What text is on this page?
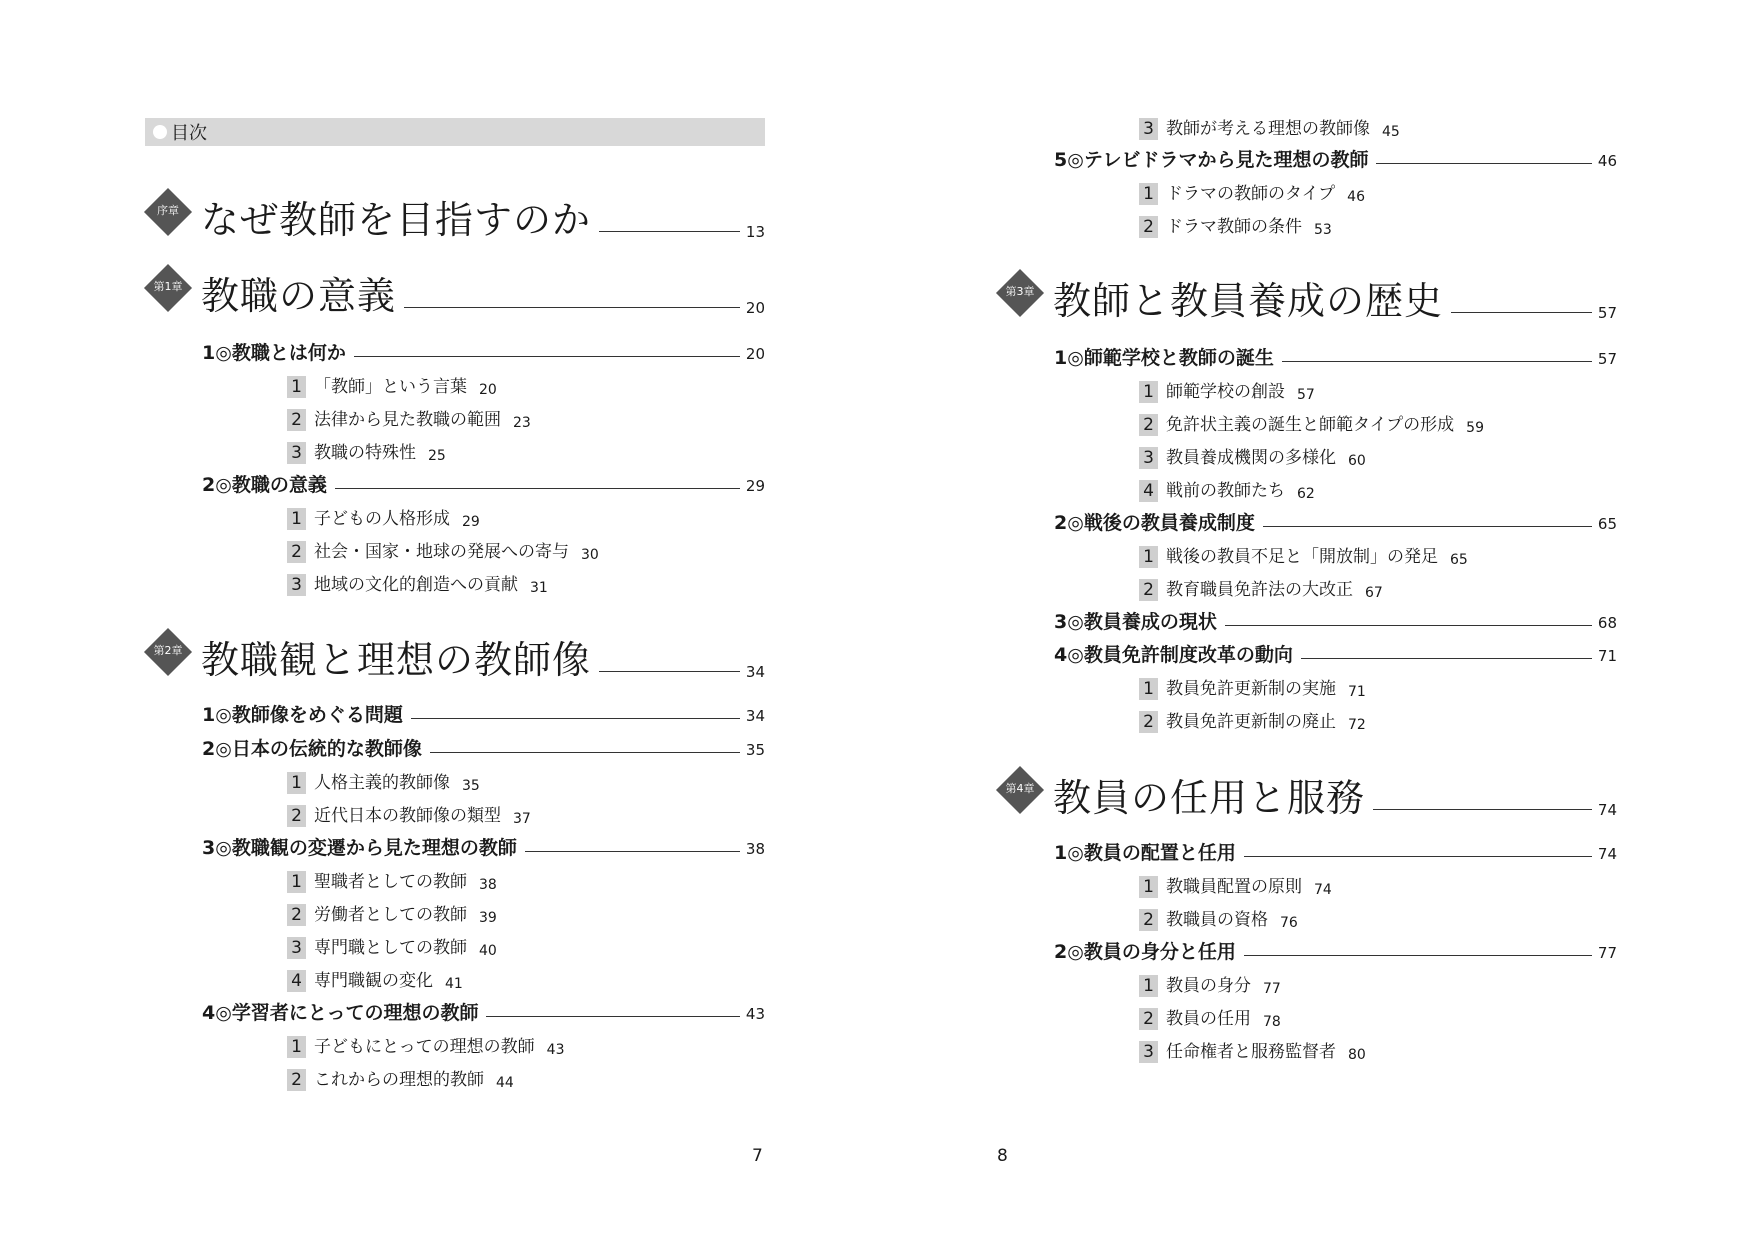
目次
序章 なぜ教師を目指すのか	13
第1章 教職の意義	20
1 ◎ 教職とは何か	20
1 「教師」という言葉 20
2 法律から見た教職の範囲 23
3 教職の特殊性 25
2 ◎ 教職の意義	29
1 子どもの人格形成 29
2 社会・国家・地球の発展への寄与 30
3 地域の文化的創造への貢献 31
第2章 教職観と理想の教師像	34
1 ◎ 教師像をめぐる問題	34
2 ◎ 日本の伝統的な教師像	35
1 人格主義的教師像 35
2 近代日本の教師像の類型 37
3 ◎ 教職観の変遷から見た理想の教師	38
1 聖職者としての教師 38
2 労働者としての教師 39
3 専門職としての教師 40
4 専門職観の変化 41
4 ◎ 学習者にとっての理想の教師	43
1 子どもにとっての理想の教師 43
2 これからの理想的教師 44
7
3 教師が考える理想の教師像 45
5 ◎ テレビドラマから見た理想の教師	46
1 ドラマの教師のタイプ 46
2 ドラマ教師の条件 53
第3章 教師と教員養成の歴史	57
1 ◎ 師範学校と教師の誕生	57
1 師範学校の創設 57
2 免許状主義の誕生と師範タイプの形成 59
3 教員養成機関の多様化 60
4 戦前の教師たち 62
2 ◎ 戦後の教員養成制度	65
1 戦後の教員不足と「開放制」の発足 65
2 教育職員免許法の大改正 67
3 ◎ 教員養成の現状	68
4 ◎ 教員免許制度改革の動向	71
1 教員免許更新制の実施 71
2 教員免許更新制の廃止 72
第4章 教員の任用と服務	74
1 ◎ 教員の配置と任用	74
1 教職員配置の原則 74
2 教職員の資格 76
2 ◎ 教員の身分と任用	77
1 教員の身分 77
2 教員の任用 78
3 任命権者と服務監督者 80
8
